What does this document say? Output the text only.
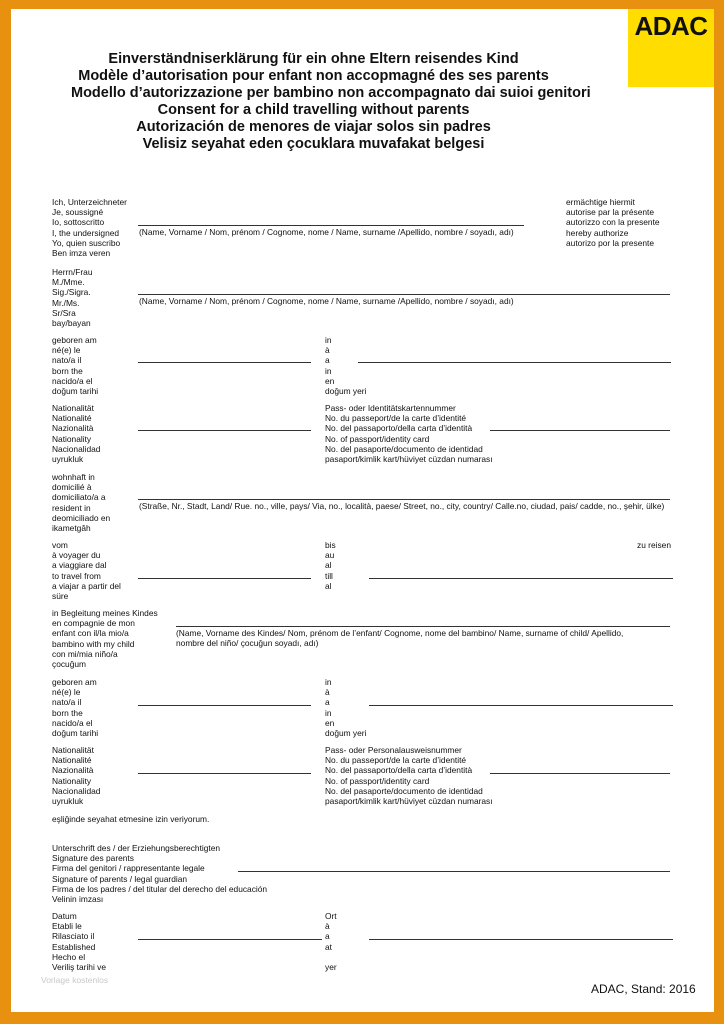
ADAC
Einverständniserklärung für ein ohne Eltern reisendes Kind
Modèle d’autorisation pour enfant non accopmagné des ses parents
Modello d’autorizzazione per bambino non accompagnato dai suioi genitori
Consent for a child travelling without parents
Autorización de menores de viajar solos sin padres
Velisiz seyahat eden çocuklara muvafakat belgesi
Ich, Unterzeichneter
Je, soussigné
Io, sottoscritto
I, the undersigned
Yo, quien suscribo
Ben imza veren
(Name, Vorname / Nom, prénom / Cognome, nome / Name, surname /Apellido, nombre / soyadı, adı)
ermächtige hiermit
autorise par la présente
autorizzo con la presente
hereby authorize
autorizo por la presente
Herrn/Frau
M./Mme.
Sig./Sigra.
Mr./Ms.
Sr/Sra
bay/bayan
(Name, Vorname / Nom, prénom / Cognome, nome / Name, surname /Apellido, nombre / soyadı, adı)
geboren am
né(e) le
nato/a il
born the
nacido/a el
doğum tarihi
in
à
a
in
en
doğum yeri
Nationalität
Nationalité
Nazionalità
Nationality
Nacionalidad
uyrukluk
Pass- oder Identitätskartennummer
No. du passeport/de la carte d’identité
No. del passaporto/della carta d’identità
No. of passport/identity card
No. del pasaporte/documento de identidad
pasaport/kimlik kart/hüviyet cüzdan numarası
wohnhaft in
domicilié à
domiciliato/a a
resident in
deomiciliado en
ikametgâh
(Straße, Nr., Stadt, Land/ Rue. no., ville, pays/ Via, no., località, paese/ Street, no., city, country/ Calle.no, ciudad, pais/ cadde, no., şehir, ülke)
vom
à voyager du
a viaggiare dal
to travel from
a viajar a partir del
süre
bis
au
al
till
al
zu reisen
in Begleitung meines Kindes
en compagnie de mon
enfant con il/la mio/a
bambino with my child
con mi/mia niño/a
çocuğum
(Name, Vorname des Kindes/ Nom, prénom de l’enfant/ Cognome, nome del bambino/ Name, surname of child/ Apellido,
nombre del niño/ çocuğun soyadı, adı)
geboren am
né(e) le
nato/a il
born the
nacido/a el
doğum tarihi
in
à
a
in
en
doğum yeri
Nationalität
Nationalité
Nazionalità
Nationality
Nacionalidad
uyrukluk
Pass- oder Personalausweisnummer
No. du passeport/de la carte d’identité
No. del passaporto/della carta d’identità
No. of passport/identity card
No. del pasaporte/documento de identidad
pasaport/kimlik kart/hüviyet cüzdan numarası
eşliğinde seyahat etmesine izin veriyorum.
Unterschrift des / der Erziehungsberechtigten
Signature des parents
Firma del genitori / rappresentante legale
Signature of parents / legal guardian
Firma de los padres / del titular del derecho del educación
Velinin imzası
Datum
Etabli le
Rilasciato il
Established
Hecho el
Veriliş tarihi ve
Ort
à
a
at

yer
Vorlage kostenlos
ADAC, Stand: 2016
